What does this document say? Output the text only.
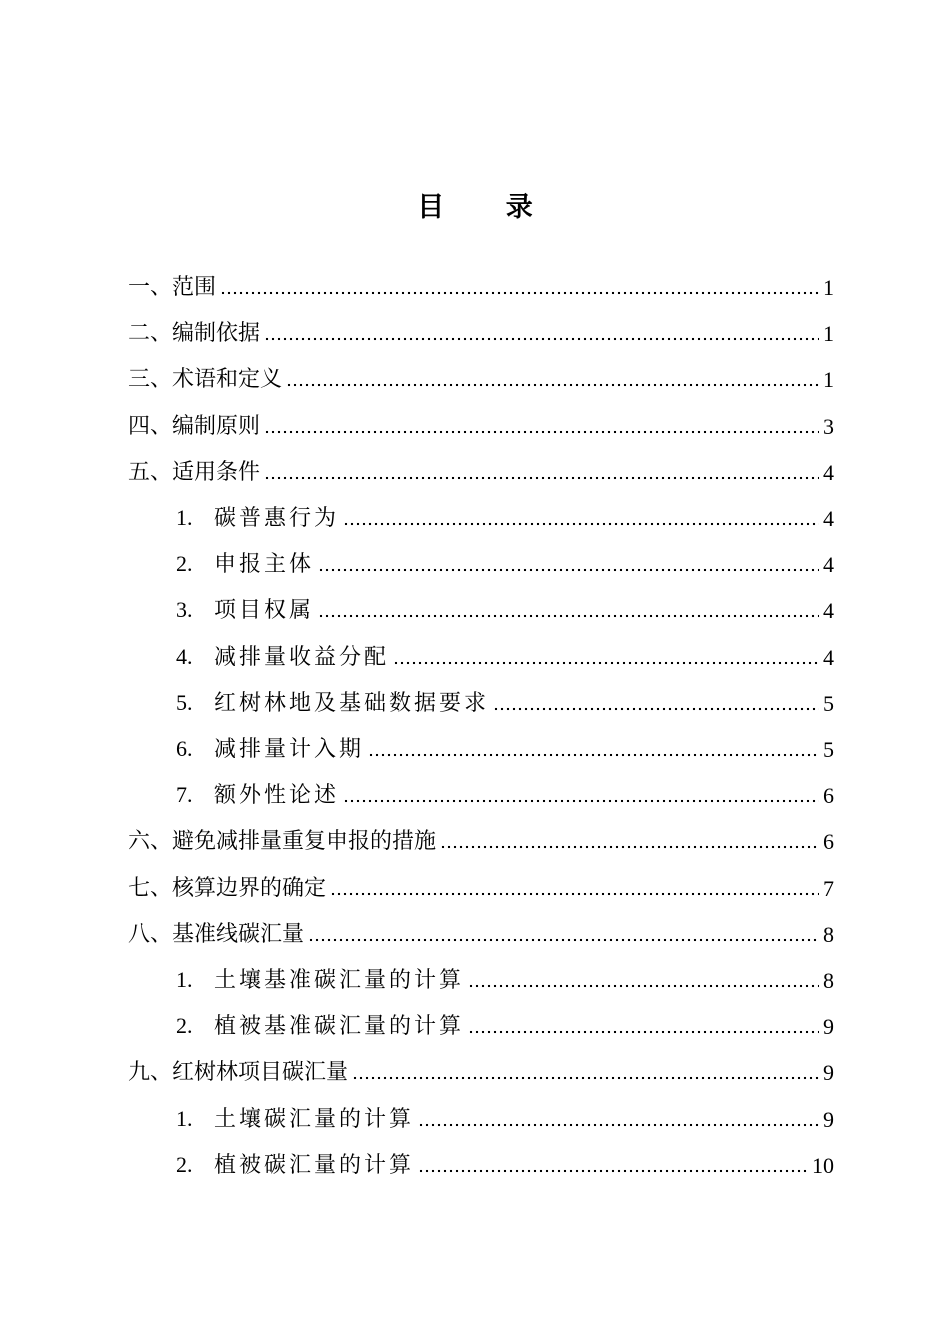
目 录
一、范围	1
二、编制依据	1
三、术语和定义	1
四、编制原则	3
五、适用条件	4
1. 碳普惠行为	4
2. 申报主体	4
3. 项目权属	4
4. 减排量收益分配	4
5. 红树林地及基础数据要求	5
6. 减排量计入期	5
7. 额外性论述	6
六、避免减排量重复申报的措施	6
七、核算边界的确定	7
八、基准线碳汇量	8
1. 土壤基准碳汇量的计算	8
2. 植被基准碳汇量的计算	9
九、红树林项目碳汇量	9
1. 土壤碳汇量的计算	9
2. 植被碳汇量的计算	10
